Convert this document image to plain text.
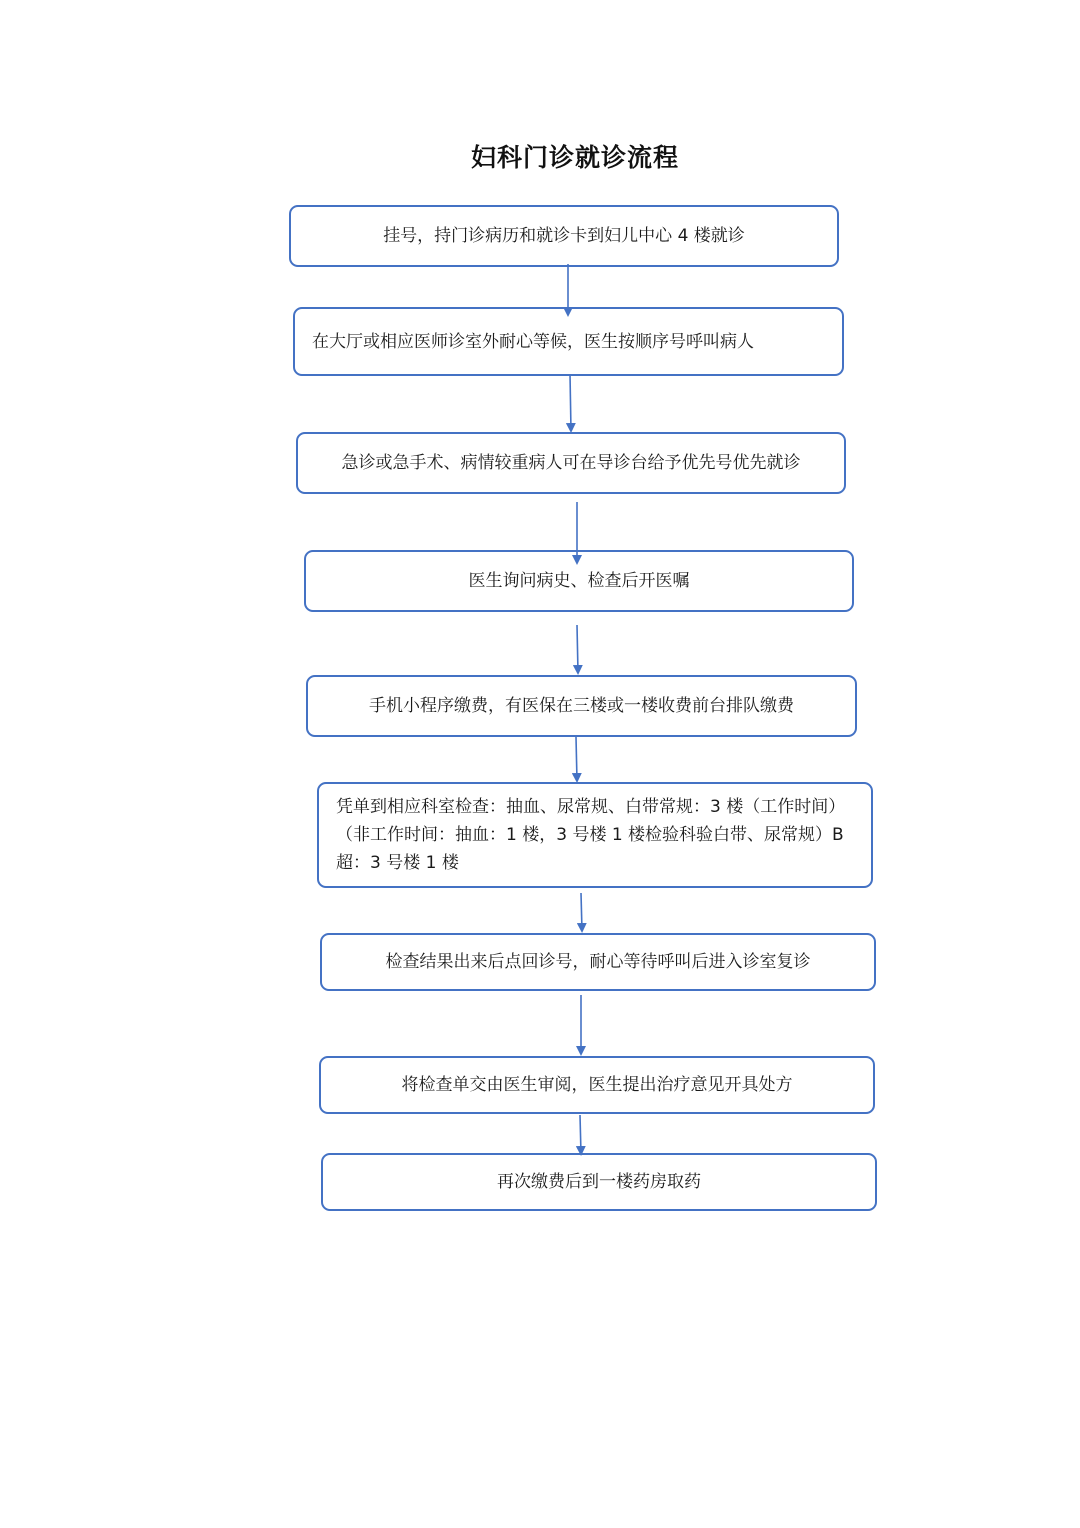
妇科门诊就诊流程
挂号，持门诊病历和就诊卡到妇儿中心 4 楼就诊
在大厅或相应医师诊室外耐心等候，医生按顺序号呼叫病人
急诊或急手术、病情较重病人可在导诊台给予优先号优先就诊
医生询问病史、检查后开医嘱
手机小程序缴费，有医保在三楼或一楼收费前台排队缴费
凭单到相应科室检查：抽血、尿常规、白带常规：3 楼（工作时间）（非工作时间：抽血：1 楼，3 号楼 1 楼检验科验白带、尿常规）B 超：3 号楼 1 楼
检查结果出来后点回诊号，耐心等待呼叫后进入诊室复诊
将检查单交由医生审阅，医生提出治疗意见开具处方
再次缴费后到一楼药房取药
